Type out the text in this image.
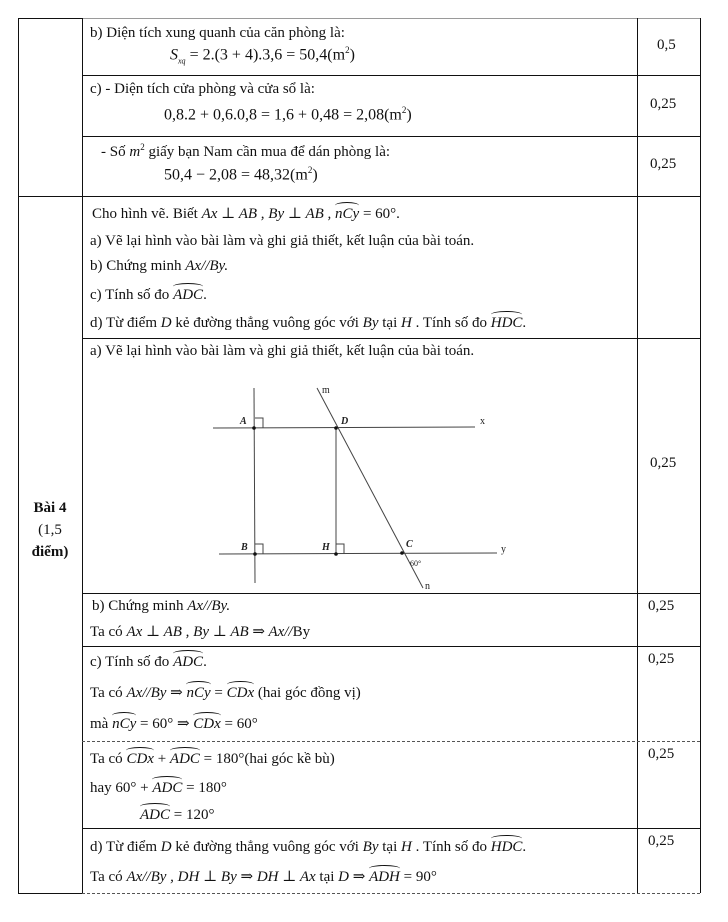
b) Diện tích xung quanh của căn phòng là:
$S_{xq} = 2.(3 + 4).3,6 = 50,4(m^2)$
0,5
c) - Diện tích cửa phòng và cửa sổ là:
$0,8.2 + 0,6.0,8 = 1,6 + 0,48 = 2,08(m^2)$
0,25
- Số $m^2$ giấy bạn Nam cần mua để dán phòng là:
$50,4 - 2,08 = 48,32(m^2)$
0,25
Bài 4
(1,5
điểm)
Cho hình vẽ. Biết Ax ⊥ AB , By ⊥ AB , nCy = 60°.
a) Vẽ lại hình vào bài làm và ghi giả thiết, kết luận của bài toán.
b) Chứng minh Ax//By.
c) Tính số đo ADC.
d) Từ điểm D kẻ đường thẳng vuông góc với By tại H . Tính số đo HDC.
a) Vẽ lại hình vào bài làm và ghi giả thiết, kết luận của bài toán.
0,25
A	D	x
m
B	H	C	y
60°
n
b) Chứng minh Ax//By.
Ta có Ax ⊥ AB , By ⊥ AB ⇒ Ax//By
0,25
c) Tính số đo ADC.
Ta có Ax//By ⇒ nCy = CDx (hai góc đồng vị)
mà nCy = 60° ⇒ CDx = 60°
0,25
Ta có CDx + ADC = 180°(hai góc kề bù)
hay 60° + ADC = 180°
ADC = 120°
0,25
d) Từ điểm D kẻ đường thẳng vuông góc với By tại H . Tính số đo HDC.
Ta có Ax//By , DH ⊥ By ⇒ DH ⊥ Ax tại D ⇒ ADH = 90°
0,25
